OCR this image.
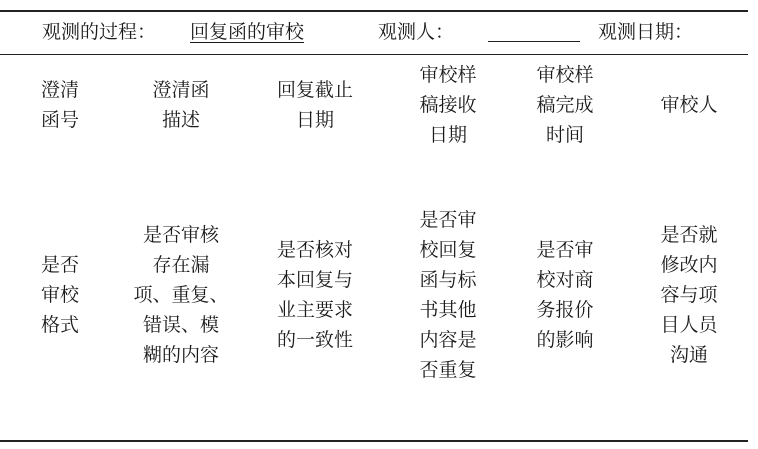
观测的过程： 回复函的审校	观测人：	观测日期：
澄清
函号
澄清函
描述
回复截止
日期
审校样
稿接收
日期
审校样
稿完成
时间
审校人
是否
审校
格式
是否审核
存在漏
项、重复、
错误、模
糊的内容
是否核对
本回复与
业主要求
的一致性
是否审
校回复
函与标
书其他
内容是
否重复
是否审
校对商
务报价
的影响
是否就
修改内
容与项
目人员
沟通
